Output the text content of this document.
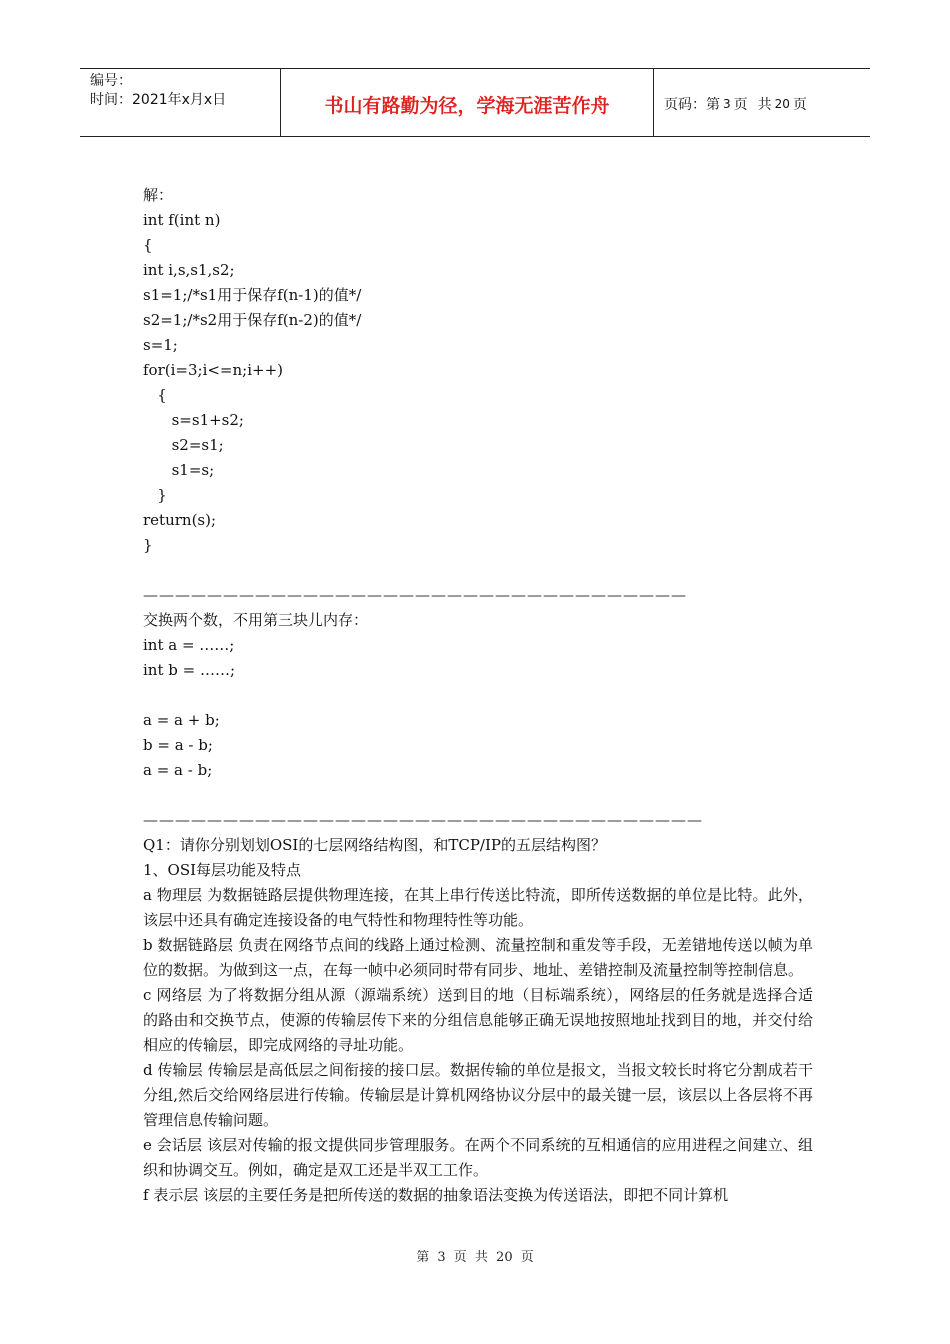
编号：
时间：2021年x月x日	书山有路勤为径，学海无涯苦作舟	页码：第 3 页 共 20 页
解：
int f(int n)
{
int i,s,s1,s2;
s1=1;/*s1用于保存f(n-1)的值*/
s2=1;/*s2用于保存f(n-2)的值*/
s=1;
for(i=3;i<=n;i++)
{
s=s1+s2;
s2=s1;
s1=s;
}
return(s);
}
——————————————————————————————————
交换两个数，不用第三块儿内存：
int a = ……;
int b = ……;
a = a + b;
b = a - b;
a = a - b;
———————————————————————————————————
Q1：请你分别划划OSI的七层网络结构图，和TCP/IP的五层结构图？
1、OSI每层功能及特点
a 物理层 为数据链路层提供物理连接，在其上串行传送比特流，即所传送数据的单位是比特。此外，该层中还具有确定连接设备的电气特性和物理特性等功能。
b 数据链路层 负责在网络节点间的线路上通过检测、流量控制和重发等手段，无差错地传送以帧为单位的数据。为做到这一点，在每一帧中必须同时带有同步、地址、差错控制及流量控制等控制信息。
c 网络层 为了将数据分组从源（源端系统）送到目的地（目标端系统），网络层的任务就是选择合适的路由和交换节点，使源的传输层传下来的分组信息能够正确无误地按照地址找到目的地，并交付给相应的传输层，即完成网络的寻址功能。
d 传输层 传输层是高低层之间衔接的接口层。数据传输的单位是报文，当报文较长时将它分割成若干分组,然后交给网络层进行传输。传输层是计算机网络协议分层中的最关键一层，该层以上各层将不再管理信息传输问题。
e 会话层 该层对传输的报文提供同步管理服务。在两个不同系统的互相通信的应用进程之间建立、组织和协调交互。例如，确定是双工还是半双工工作。
f 表示层 该层的主要任务是把所传送的数据的抽象语法变换为传送语法，即把不同计算机
第 3 页 共 20 页
